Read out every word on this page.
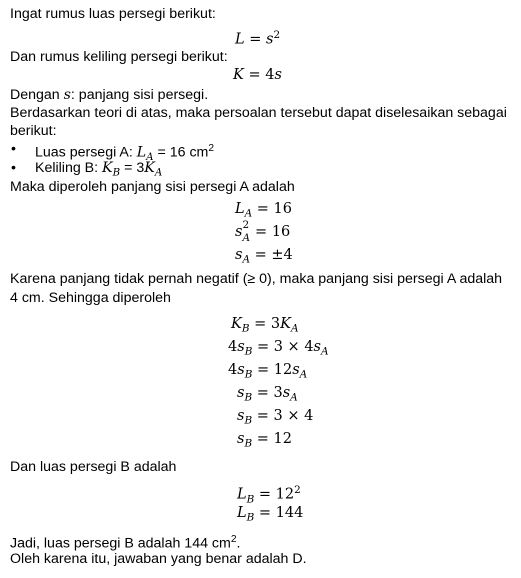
Ingat rumus luas persegi berikut:
$L = s^2$
Dan rumus keliling persegi berikut:
K = 4s
Dengan s: panjang sisi persegi.
Berdasarkan teori di atas, maka persoalan tersebut dapat diselesaikan sebagai
berikut:
• Luas persegi A: $L_A = 16$ $cm^2$
• Keliling B: $K_B = 3K_A$
Maka diperoleh panjang sisi persegi A adalah
$L_A = 16$
s 2
A = 16
$s_A = \pm 4$
Karena panjang tidak pernah negatif (≥ 0), maka panjang sisi persegi A adalah
4 cm. Sehingga diperoleh
$K_B = 3K_A$
$4s_B = 3 \times 4s_A$
$4s_B = 12s_A$
$s_B = 3s_A$
$s_B = 3 \times 4$
$s_B = 12$
Dan luas persegi B adalah
$L_B = 12^2$
$L_B = 144$
Jadi, luas persegi B adalah 144 $cm^2$.
Oleh karena itu, jawaban yang benar adalah D.
